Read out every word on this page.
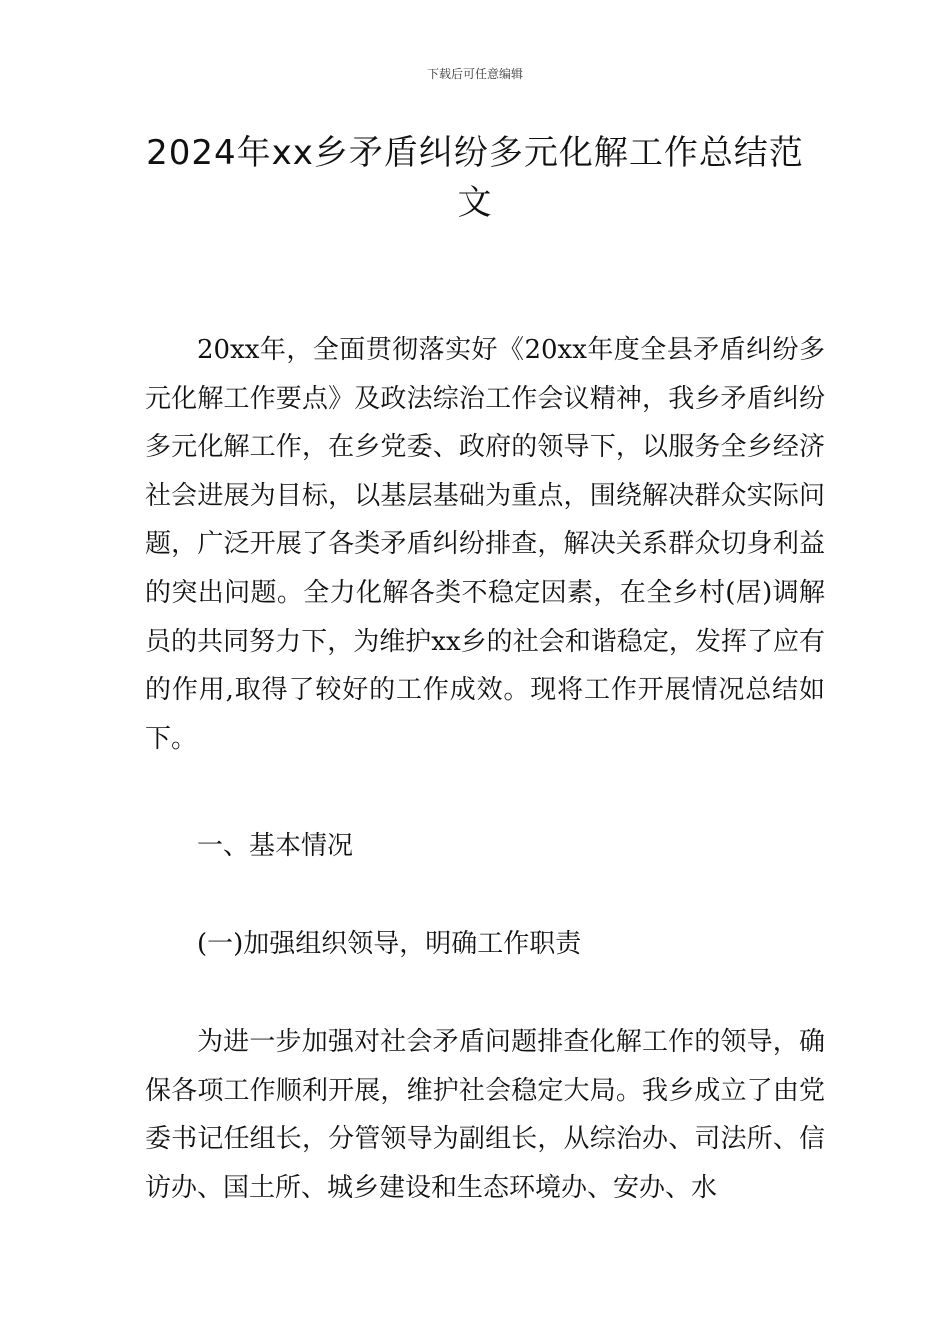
下载后可任意编辑
2024年xx乡矛盾纠纷多元化解工作总结范文

20xx年，全面贯彻落实好《20xx年度全县矛盾纠纷多元化解工作要点》及政法综治工作会议精神，我乡矛盾纠纷多元化解工作，在乡党委、政府的领导下，以服务全乡经济社会进展为目标，以基层基础为重点，围绕解决群众实际问题，广泛开展了各类矛盾纠纷排查，解决关系群众切身利益的突出问题。全力化解各类不稳定因素，在全乡村(居)调解员的共同努力下，为维护xx乡的社会和谐稳定，发挥了应有的作用,取得了较好的工作成效。现将工作开展情况总结如下。

一、基本情况

(一)加强组织领导，明确工作职责

为进一步加强对社会矛盾问题排查化解工作的领导，确保各项工作顺利开展，维护社会稳定大局。我乡成立了由党委书记任组长，分管领导为副组长，从综治办、司法所、信访办、国土所、城乡建设和生态环境办、安办、水
